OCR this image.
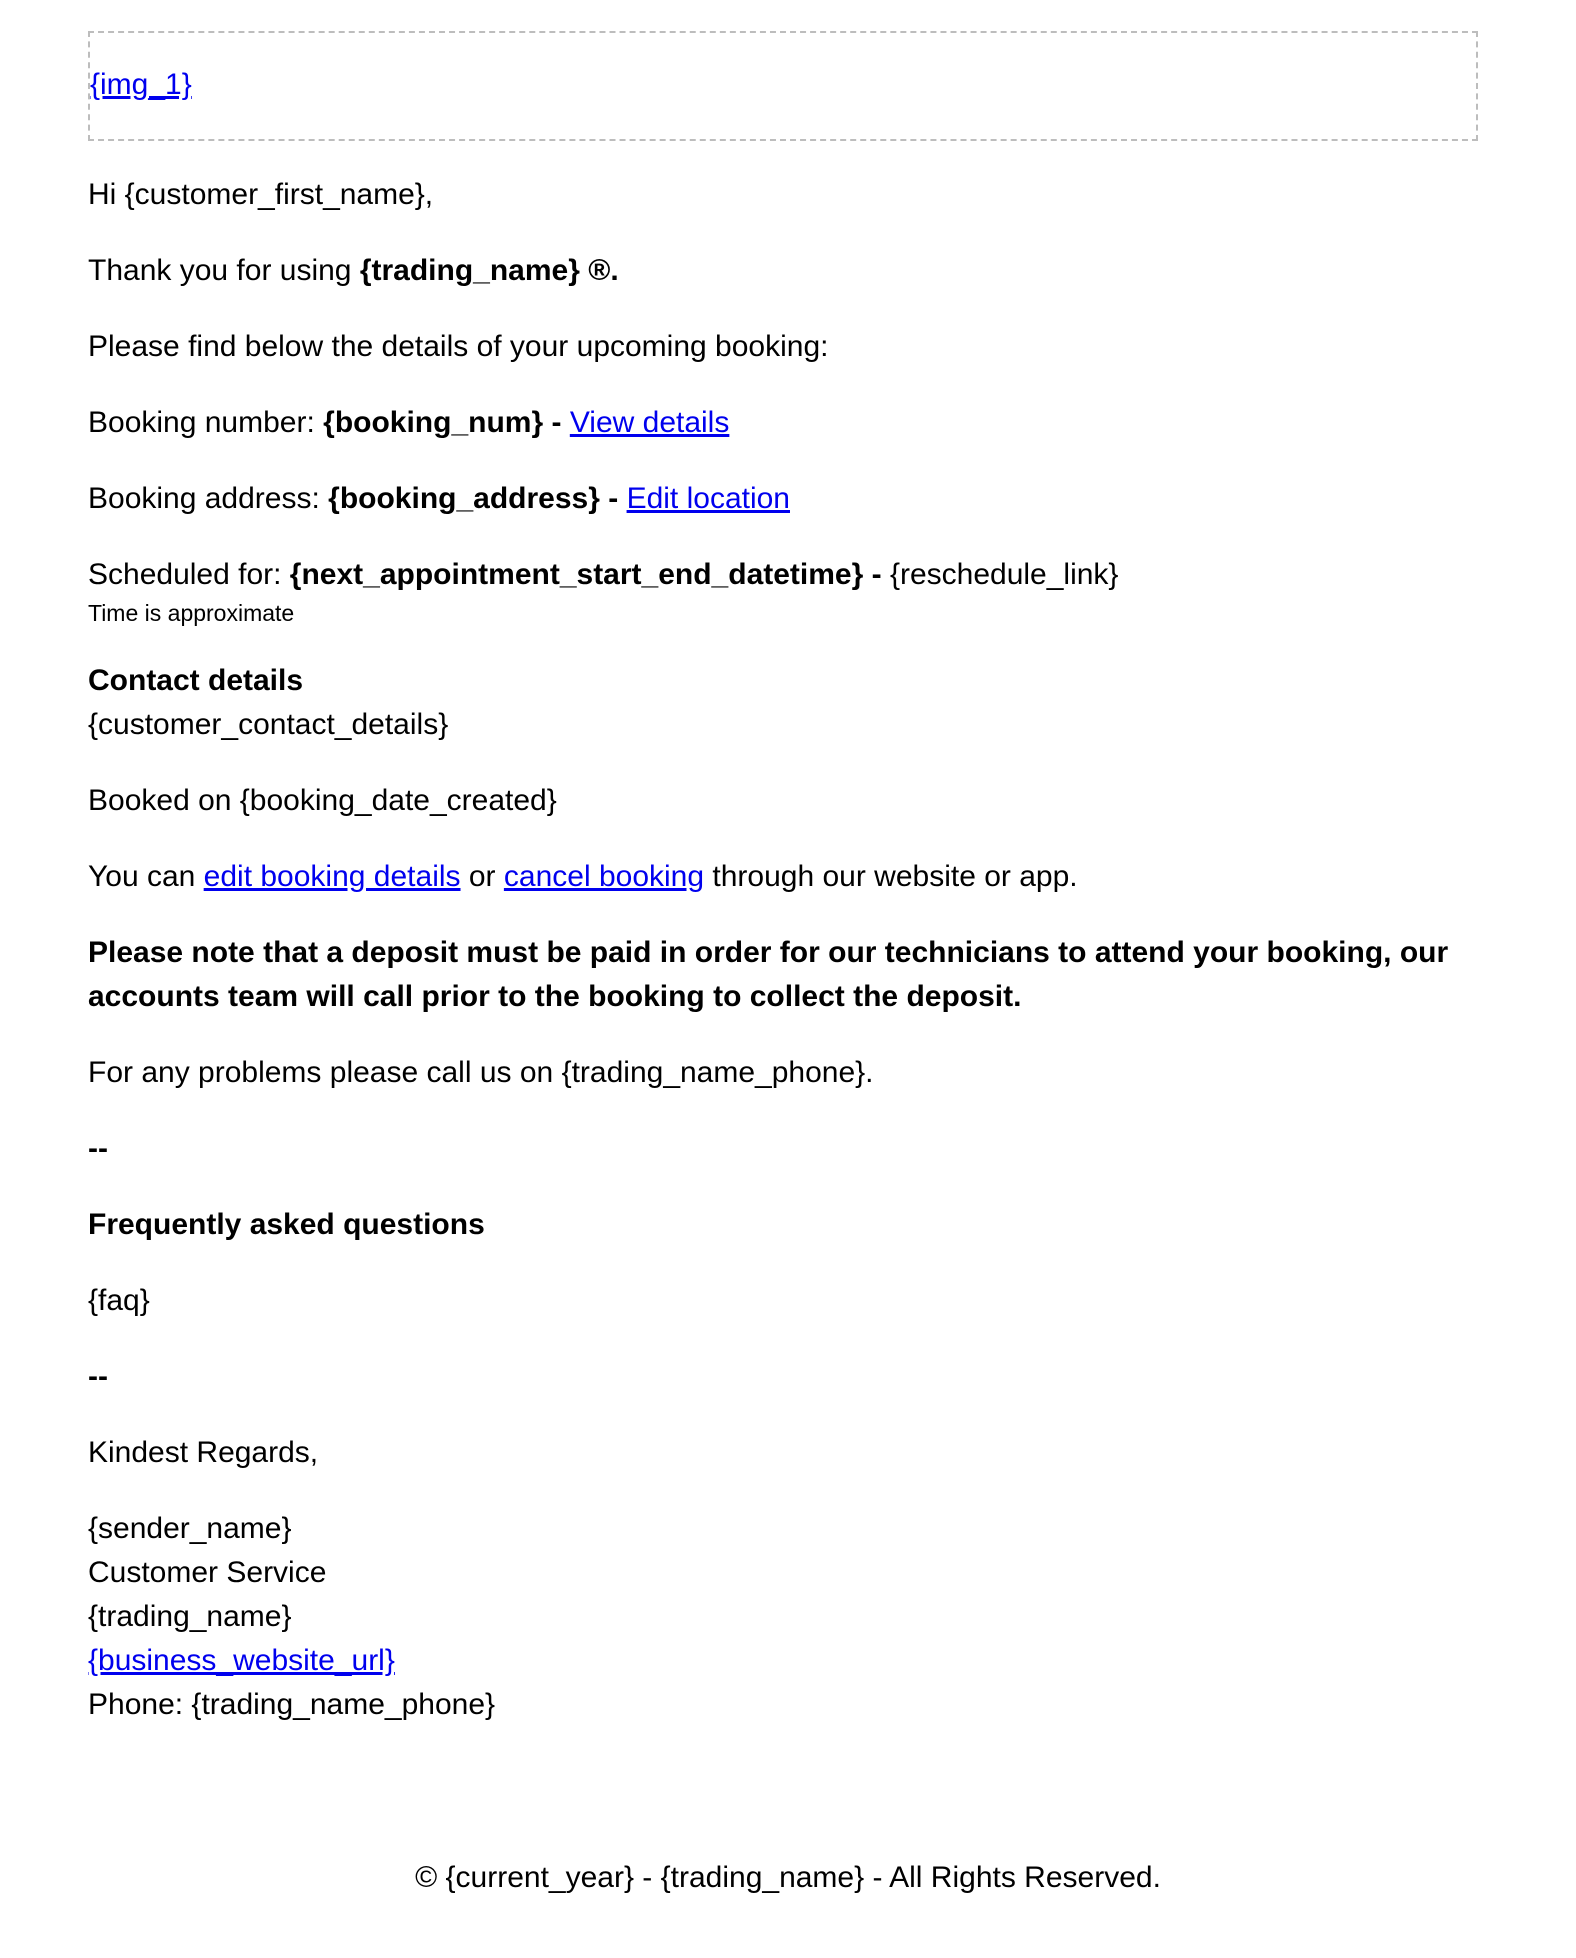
{img_1}

Hi {customer_first_name},

Thank you for using {trading_name} ®.

Please find below the details of your upcoming booking:

Booking number: {booking_num} - View details

Booking address: {booking_address} - Edit location

Scheduled for: {next_appointment_start_end_datetime} - {reschedule_link}

Time is approximate

Contact details

{customer_contact_details}

Booked on {booking_date_created}

You can edit booking details or cancel booking through our website or app.

Please note that a deposit must be paid in order for our technicians to attend your booking, our accounts team will call prior to the booking to collect the deposit.

For any problems please call us on {trading_name_phone}.

--

Frequently asked questions

{faq}

--

Kindest Regards,

{sender_name}
Customer Service
{trading_name}
{business_website_url}
Phone: {trading_name_phone}

© {current_year} - {trading_name} - All Rights Reserved.
